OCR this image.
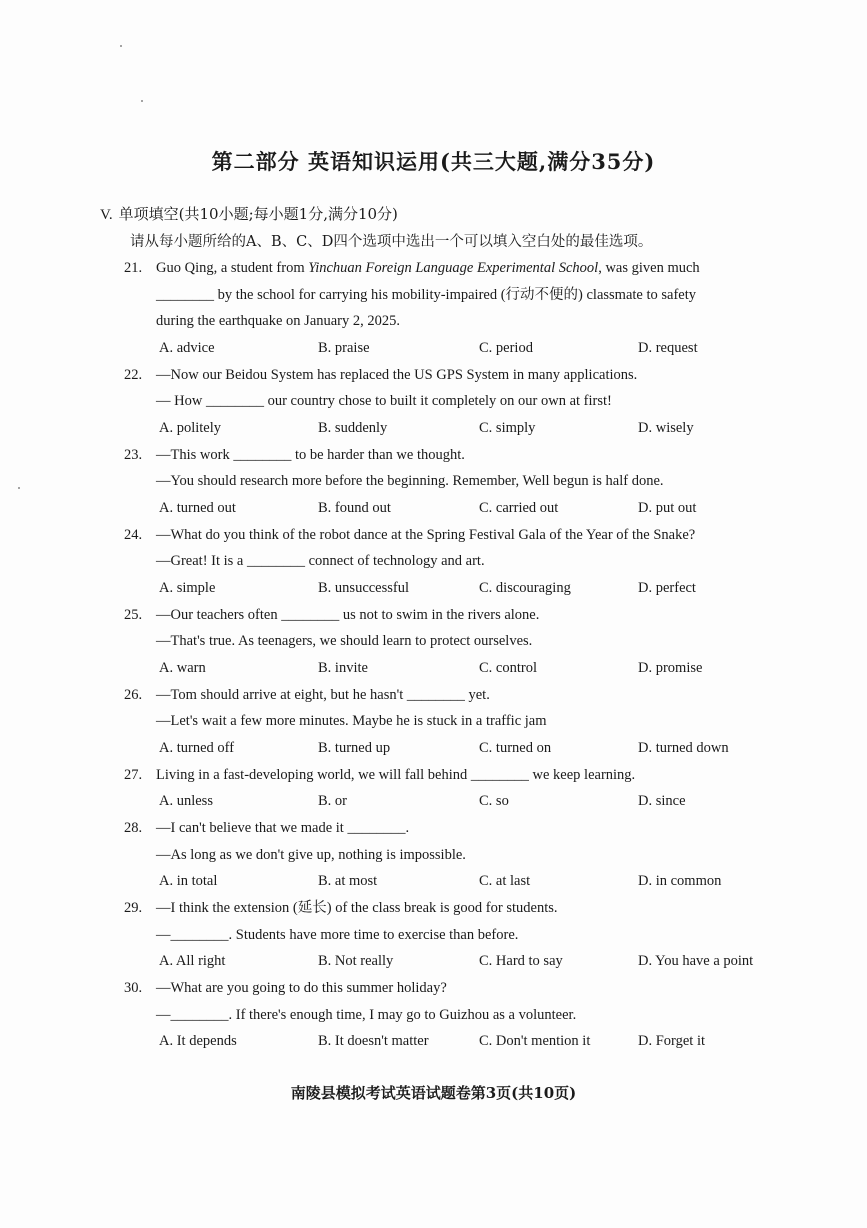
第二部分 英语知识运用(共三大题,满分35分)
V. 单项填空(共10小题;每小题1分,满分10分)
请从每小题所给的A、B、C、D四个选项中选出一个可以填入空白处的最佳选项。
21. Guo Qing, a student from Yinchuan Foreign Language Experimental School, was given much
________ by the school for carrying his mobility-impaired (行动不便的) classmate to safety
during the earthquake on January 2, 2025.
A. advice	B. praise	C. period	D. request
22. —Now our Beidou System has replaced the US GPS System in many applications.
— How ________ our country chose to built it completely on our own at first!
A. politely	B. suddenly	C. simply	D. wisely
23. —This work ________ to be harder than we thought.
—You should research more before the beginning. Remember, Well begun is half done.
A. turned out	B. found out	C. carried out	D. put out
24. —What do you think of the robot dance at the Spring Festival Gala of the Year of the Snake?
—Great! It is a ________ connect of technology and art.
A. simple	B. unsuccessful	C. discouraging	D. perfect
25. —Our teachers often ________ us not to swim in the rivers alone.
—That's true. As teenagers, we should learn to protect ourselves.
A. warn	B. invite	C. control	D. promise
26. —Tom should arrive at eight, but he hasn't ________ yet.
—Let's wait a few more minutes. Maybe he is stuck in a traffic jam
A. turned off	B. turned up	C. turned on	D. turned down
27. Living in a fast-developing world, we will fall behind ________ we keep learning.
A. unless	B. or	C. so	D. since
28. —I can't believe that we made it ________.
—As long as we don't give up, nothing is impossible.
A. in total	B. at most	C. at last	D. in common
29. —I think the extension (延长) of the class break is good for students.
—________. Students have more time to exercise than before.
A. All right	B. Not really	C. Hard to say	D. You have a point
30. —What are you going to do this summer holiday?
—________. If there's enough time, I may go to Guizhou as a volunteer.
A. It depends	B. It doesn't matter	C. Don't mention it	D. Forget it
南陵县模拟考试英语试题卷第3页(共10页)
